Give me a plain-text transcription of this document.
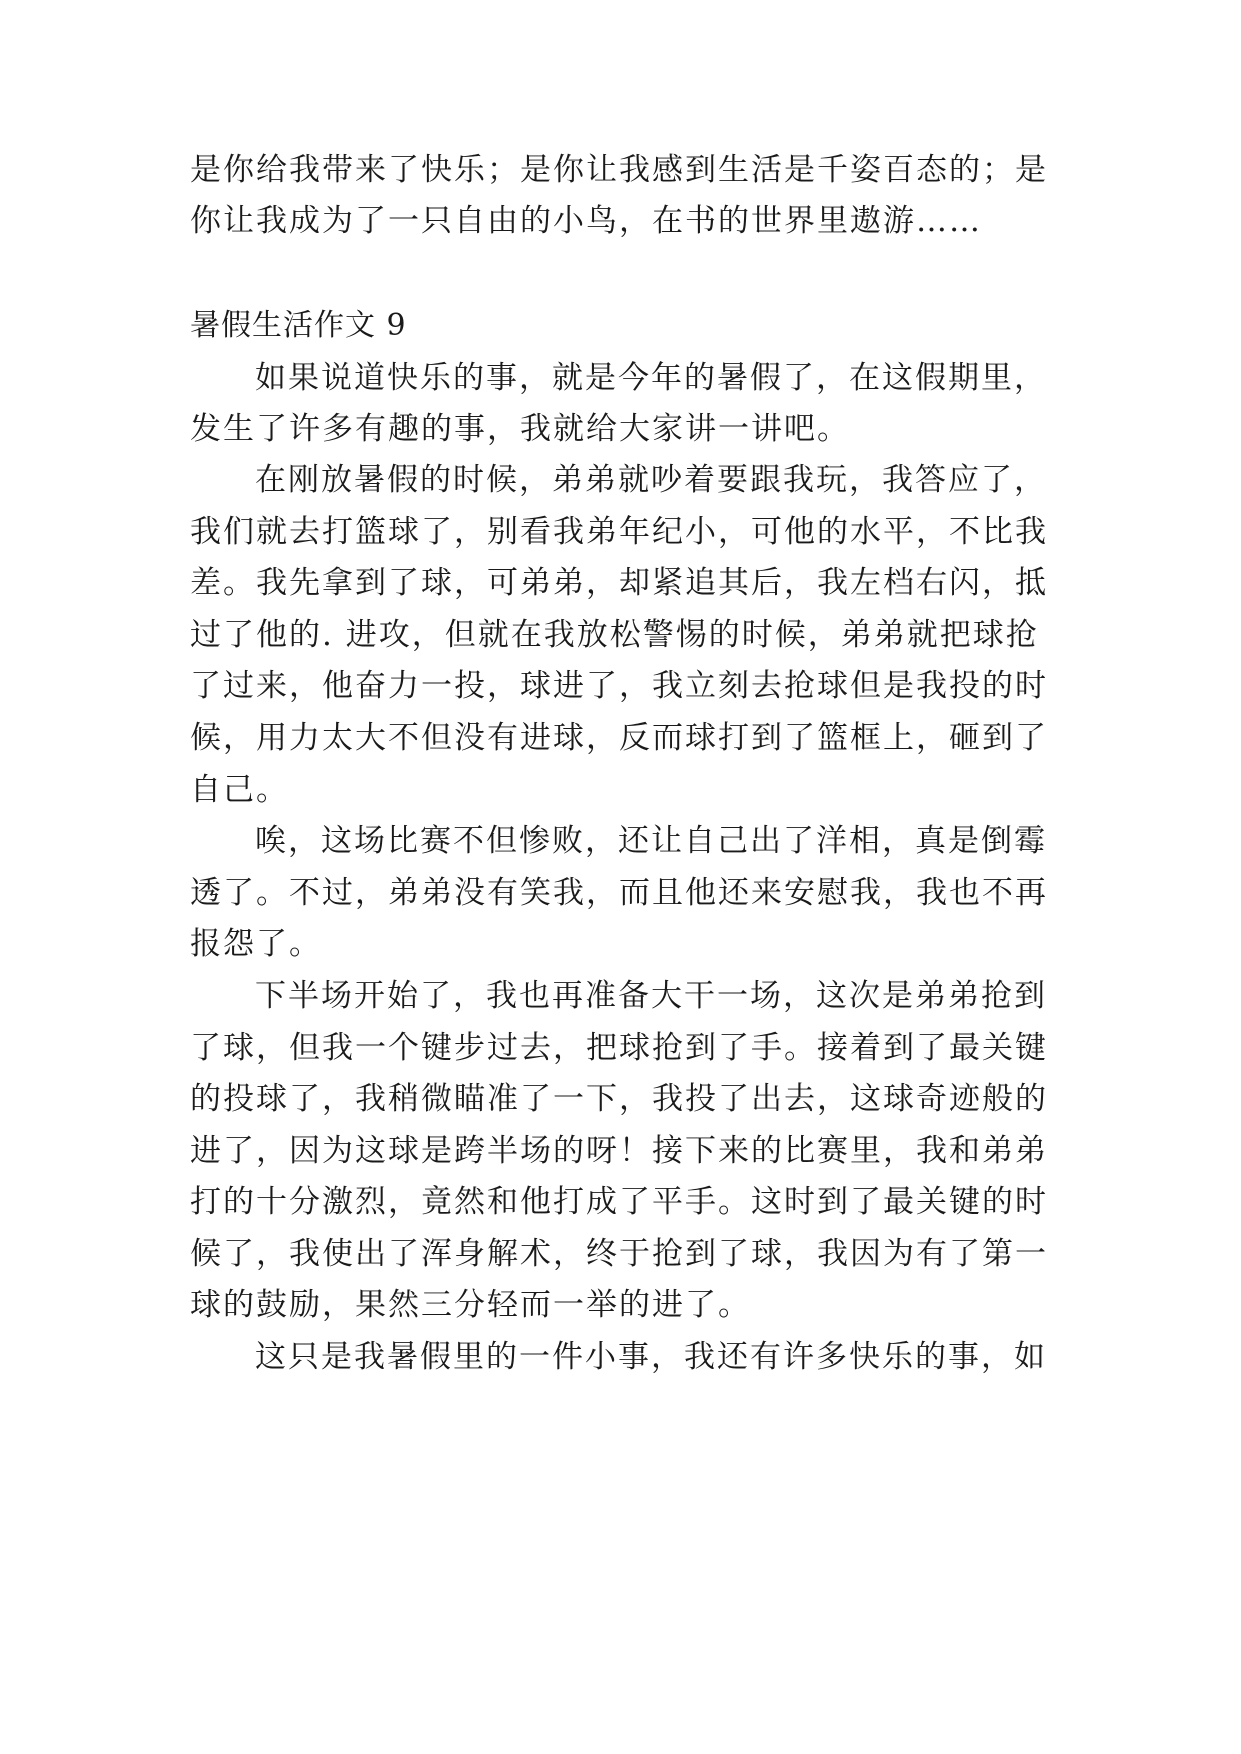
是你给我带来了快乐；是你让我感到生活是千姿百态的；是
你让我成为了一只自由的小鸟，在书的世界里遨游……
暑假生活作文 9
如果说道快乐的事，就是今年的暑假了，在这假期里，
发生了许多有趣的事，我就给大家讲一讲吧。
在刚放暑假的时候，弟弟就吵着要跟我玩，我答应了，
我们就去打篮球了，别看我弟年纪小，可他的水平，不比我
差。我先拿到了球，可弟弟，却紧追其后，我左档右闪，抵
过了他的. 进攻，但就在我放松警惕的时候，弟弟就把球抢
了过来，他奋力一投，球进了，我立刻去抢球但是我投的时
候，用力太大不但没有进球，反而球打到了篮框上，砸到了
自己。
唉，这场比赛不但惨败，还让自己出了洋相，真是倒霉
透了。不过，弟弟没有笑我，而且他还来安慰我，我也不再
报怨了。
下半场开始了，我也再准备大干一场，这次是弟弟抢到
了球，但我一个键步过去，把球抢到了手。接着到了最关键
的投球了，我稍微瞄准了一下，我投了出去，这球奇迹般的
进了，因为这球是跨半场的呀！接下来的比赛里，我和弟弟
打的十分激烈，竟然和他打成了平手。这时到了最关键的时
候了，我使出了浑身解术，终于抢到了球，我因为有了第一
球的鼓励，果然三分轻而一举的进了。
这只是我暑假里的一件小事，我还有许多快乐的事，如
